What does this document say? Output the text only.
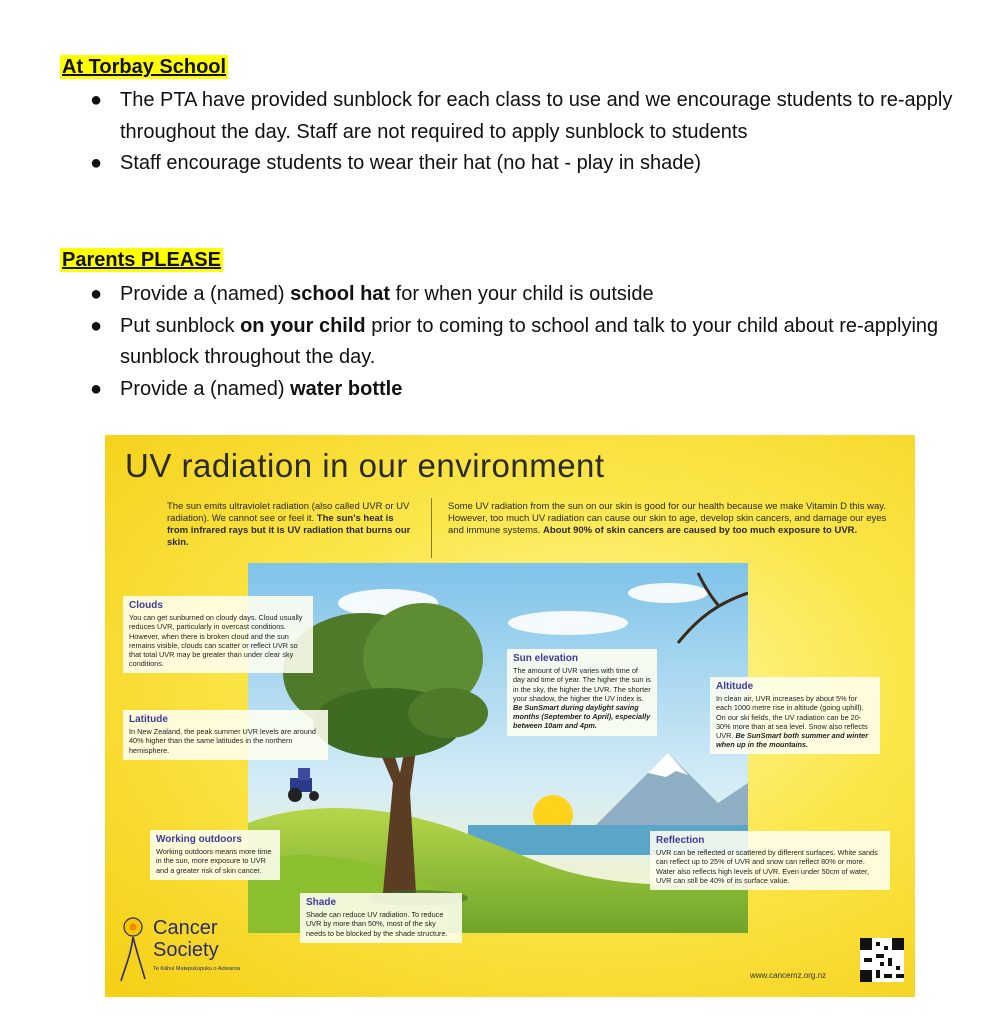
At Torbay School
● The PTA have provided sunblock for each class to use and we encourage students to re-apply throughout the day. Staff are not required to apply sunblock to students
● Staff encourage students to wear their hat (no hat - play in shade)
Parents PLEASE
● Provide a (named) school hat for when your child is outside
● Put sunblock on your child prior to coming to school and talk to your child about re-applying sunblock throughout the day.
● Provide a (named) water bottle
UV radiation in our environment
The sun emits ultraviolet radiation (also called UVR or UV radiation). We cannot see or feel it. The sun's heat is from infrared rays but it is UV radiation that burns our skin.
Some UV radiation from the sun on our skin is good for our health because we make Vitamin D this way. However, too much UV radiation can cause our skin to age, develop skin cancers, and damage our eyes and immune systems. About 90% of skin cancers are caused by too much exposure to UVR.
Clouds
You can get sunburned on cloudy days. Cloud usually reduces UVR, particularly in overcast conditions. However, when there is broken cloud and the sun remains visible, clouds can scatter or reflect UVR so that total UVR may be greater than under clear sky conditions.
Latitude
In New Zealand, the peak summer UVR levels are around 40% higher than the same latitudes in the northern hemisphere.
Sun elevation
The amount of UVR varies with time of day and time of year. The higher the sun is in the sky, the higher the UVR. The shorter your shadow, the higher the UV index is. Be SunSmart during daylight saving months (September to April), especially between 10am and 4pm.
Altitude
In clean air, UVR increases by about 5% for each 1000 metre rise in altitude (going uphill). On our ski fields, the UV radiation can be 20-30% more than at sea level. Snow also reflects UVR. Be SunSmart both summer and winter when up in the mountains.
Working outdoors
Working outdoors means more time in the sun, more exposure to UVR and a greater risk of skin cancer.
Reflection
UVR can be reflected or scattered by different surfaces. White sands can reflect up to 25% of UVR and snow can reflect 80% or more. Water also reflects high levels of UVR. Even under 50cm of water, UVR can still be 40% of its surface value.
Shade
Shade can reduce UV radiation. To reduce UVR by more than 50%, most of the sky needs to be blocked by the shade structure.
Cancer
Society
Te Kāhui Matepukupuku o Aotearoa
www.cancernz.org.nz
